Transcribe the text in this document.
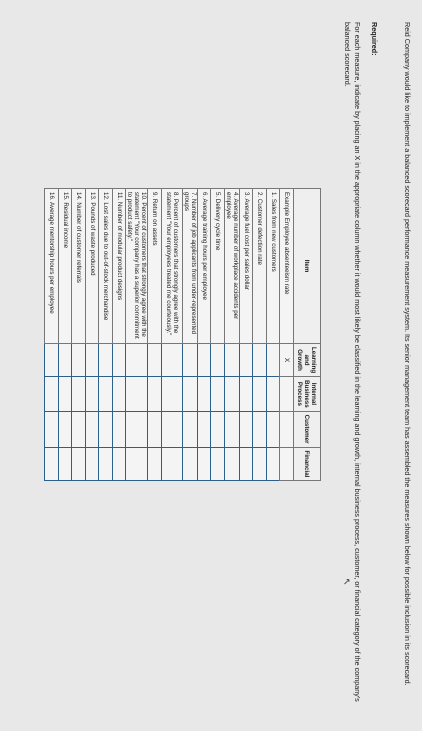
Reid Company would like to implement a balanced scorecard performance measurement system. Its senior management team has assembled the measures shown below for possible inclusion in its scorecard.
Required:
For each measure, indicate by placing an X in the appropriate column whether it would most likely be classified in the learning and growth, internal business process, customer, or financial category of the company's balanced scorecard.
↖
Item	Learning and Growth	Internal Business Process	Customer	Financial
Example Employee absenteeism rate	X			
1. Sales from new customers				
2. Customer defection rate				
3. Average fuel cost per sales dollar				
4. Average number of workplace accidents per employee				
5. Delivery cycle time				
6. Average training hours per employee				
7. Number of job applicants from under-represented groups				
8. Percent of customers that strongly agree with the statement "Your employees treated me courteously."				
9. Return on assets				
10. Percent of customers that strongly agree with the statement "Your company has a superior commitment to product safety."				
11. Number of modular product designs				
12. Lost sales due to out-of-stock merchandise				
13. Pounds of waste produced				
14. Number of customer referrals				
15. Residual income				
16. Average mentorship hours per employee				
